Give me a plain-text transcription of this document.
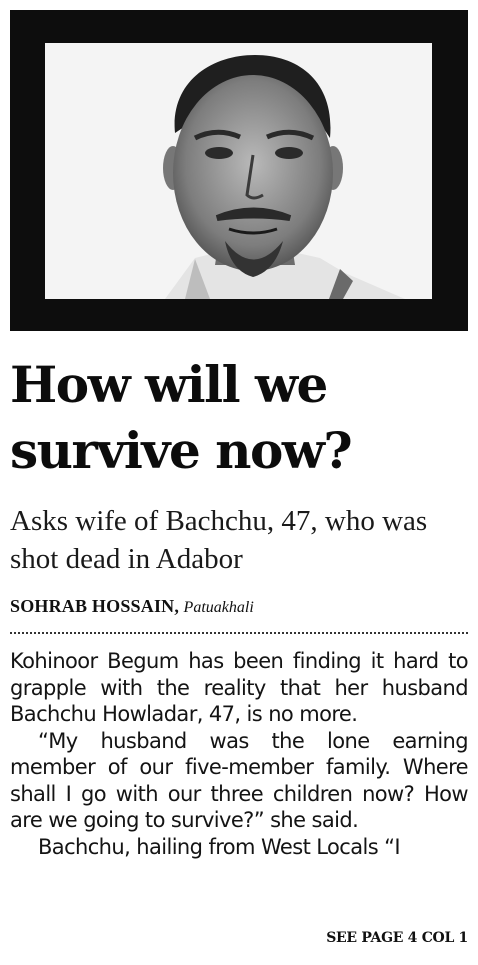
How will we survive now?
Asks wife of Bachchu, 47, who was shot dead in Adabor
SOHRAB HOSSAIN, Patuakhali

Kohinoor Begum has been finding it hard to grapple with the reality that her husband Bachchu Howladar, 47, is no more.

“My husband was the lone earning member of our five-member family. Where shall I go with our three children now? How are we going to survive?” she said.

Bachchu, hailing from West Locals “I

SEE PAGE 4 COL 1
